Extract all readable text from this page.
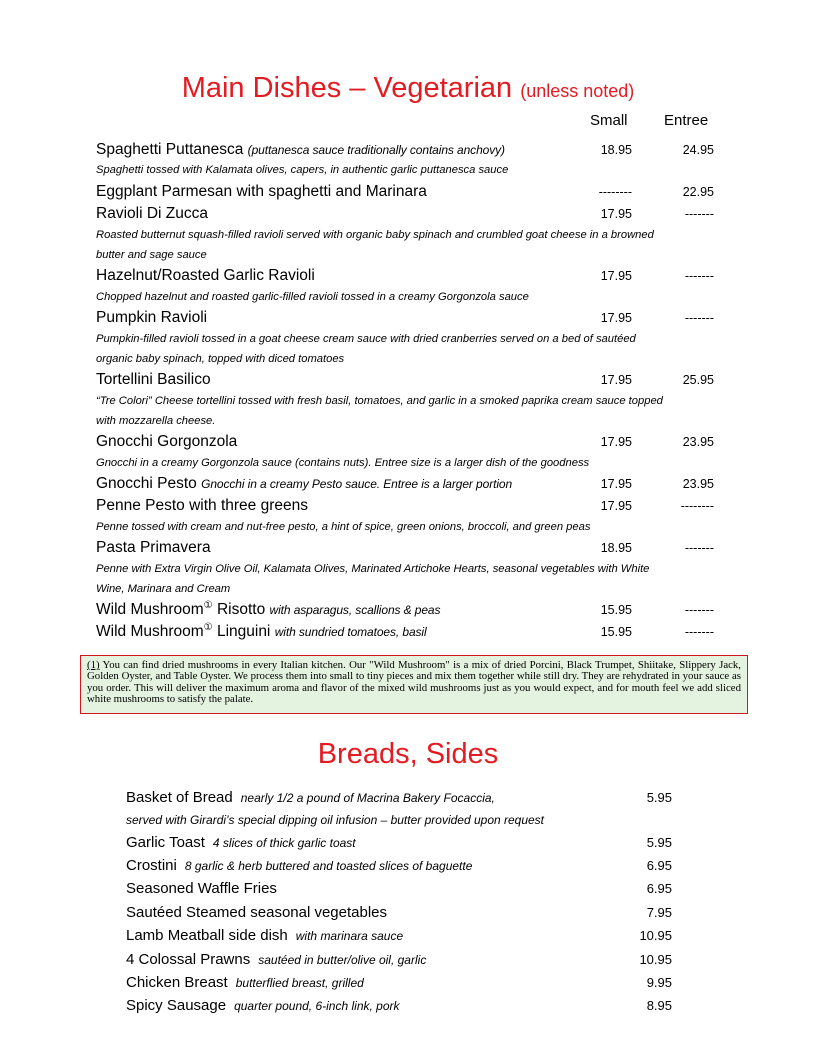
Main Dishes – Vegetarian (unless noted)
Small Entree
Spaghetti Puttanesca (puttanesca sauce traditionally contains anchovy)	18.95	24.95
Spaghetti tossed with Kalamata olives, capers, in authentic garlic puttanesca sauce
Eggplant Parmesan with spaghetti and Marinara	--------	22.95
Ravioli Di Zucca	17.95	-------
Roasted butternut squash-filled ravioli served with organic baby spinach and crumbled goat cheese in a browned
butter and sage sauce
Hazelnut/Roasted Garlic Ravioli	17.95	-------
Chopped hazelnut and roasted garlic-filled ravioli tossed in a creamy Gorgonzola sauce
Pumpkin Ravioli	17.95	-------
Pumpkin-filled ravioli tossed in a goat cheese cream sauce with dried cranberries served on a bed of sautéed
organic baby spinach, topped with diced tomatoes
Tortellini Basilico	17.95	25.95
“Tre Colori” Cheese tortellini tossed with fresh basil, tomatoes, and garlic in a smoked paprika cream sauce topped
with mozzarella cheese.
Gnocchi Gorgonzola	17.95	23.95
Gnocchi in a creamy Gorgonzola sauce (contains nuts). Entree size is a larger dish of the goodness
Gnocchi Pesto Gnocchi in a creamy Pesto sauce. Entree is a larger portion	17.95	23.95
Penne Pesto with three greens	17.95	--------
Penne tossed with cream and nut-free pesto, a hint of spice, green onions, broccoli, and green peas
Pasta Primavera	18.95	-------
Penne with Extra Virgin Olive Oil, Kalamata Olives, Marinated Artichoke Hearts, seasonal vegetables with White
Wine, Marinara and Cream
Wild Mushroom① Risotto with asparagus, scallions & peas	15.95	-------
Wild Mushroom① Linguini with sundried tomatoes, basil	15.95	-------
(1) You can find dried mushrooms in every Italian kitchen. Our "Wild Mushroom" is a mix of dried Porcini, Black Trumpet, Shiitake, Slippery Jack, Golden Oyster, and Table Oyster. We process them into small to tiny pieces and mix them together while still dry. They are rehydrated in your sauce as you order. This will deliver the maximum aroma and flavor of the mixed wild mushrooms just as you would expect, and for mouth feel we add sliced white mushrooms to satisfy the palate.
Breads, Sides
Basket of Bread nearly 1/2 a pound of Macrina Bakery Focaccia,	5.95
served with Girardi’s special dipping oil infusion – butter provided upon request
Garlic Toast 4 slices of thick garlic toast	5.95
Crostini 8 garlic & herb buttered and toasted slices of baguette	6.95
Seasoned Waffle Fries	6.95
Sautéed Steamed seasonal vegetables	7.95
Lamb Meatball side dish with marinara sauce	10.95
4 Colossal Prawns sautéed in butter/olive oil, garlic	10.95
Chicken Breast butterflied breast, grilled	9.95
Spicy Sausage quarter pound, 6-inch link, pork	8.95
